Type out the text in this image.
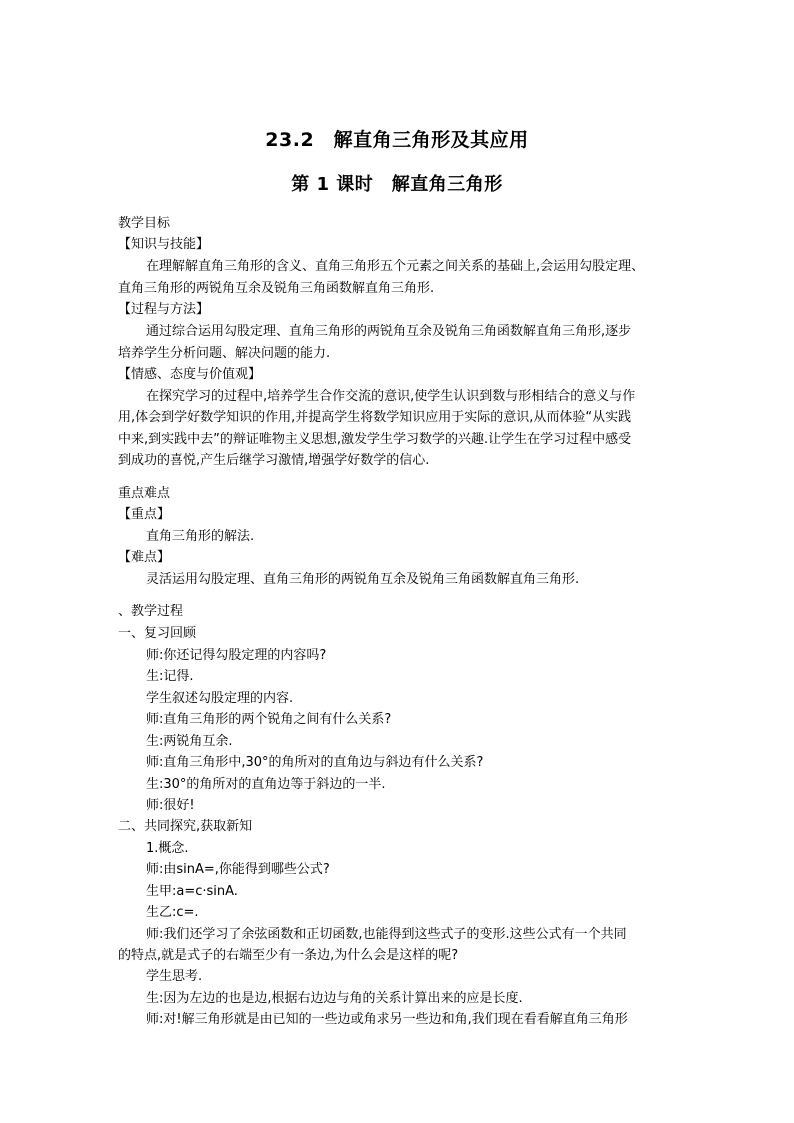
23.2　解直角三角形及其应用
第 1 课时　解直角三角形
教学目标
【知识与技能】
在理解解直角三角形的含义、直角三角形五个元素之间关系的基础上,会运用勾股定理、
直角三角形的两锐角互余及锐角三角函数解直角三角形.
【过程与方法】
通过综合运用勾股定理、直角三角形的两锐角互余及锐角三角函数解直角三角形,逐步
培养学生分析问题、解决问题的能力.
【情感、态度与价值观】
在探究学习的过程中,培养学生合作交流的意识,使学生认识到数与形相结合的意义与作
用,体会到学好数学知识的作用,并提高学生将数学知识应用于实际的意识,从而体验“从实践
中来,到实践中去”的辩证唯物主义思想,激发学生学习数学的兴趣.让学生在学习过程中感受
到成功的喜悦,产生后继学习激情,增强学好数学的信心.
重点难点
【重点】
直角三角形的解法.
【难点】
灵活运用勾股定理、直角三角形的两锐角互余及锐角三角函数解直角三角形.
、教学过程
一、复习回顾
师:你还记得勾股定理的内容吗?
生:记得.
学生叙述勾股定理的内容.
师:直角三角形的两个锐角之间有什么关系?
生:两锐角互余.
师:直角三角形中,30°的角所对的直角边与斜边有什么关系?
生:30°的角所对的直角边等于斜边的一半.
师:很好!
二、共同探究,获取新知
1.概念.
师:由sinA=,你能得到哪些公式?
生甲:a=c·sinA.
生乙:c=.
师:我们还学习了余弦函数和正切函数,也能得到这些式子的变形.这些公式有一个共同
的特点,就是式子的右端至少有一条边,为什么会是这样的呢?
学生思考.
生:因为左边的也是边,根据右边边与角的关系计算出来的应是长度.
师:对!解三角形就是由已知的一些边或角求另一些边和角,我们现在看看解直角三角形
